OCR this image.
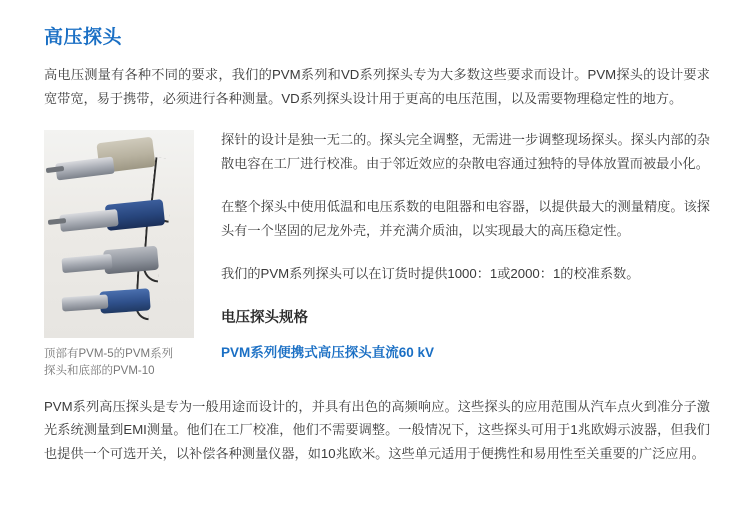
高压探头

高电压测量有各种不同的要求，我们的PVM系列和VD系列探头专为大多数这些要求而设计。PVM探头的设计要求宽带宽，易于携带，必须进行各种测量。VD系列探头设计用于更高的电压范围，以及需要物理稳定性的地方。

顶部有PVM-5的PVM系列探头和底部的PVM-10

探针的设计是独一无二的。探头完全调整，无需进一步调整现场探头。探头内部的杂散电容在工厂进行校准。由于邻近效应的杂散电容通过独特的导体放置而被最小化。

在整个探头中使用低温和电压系数的电阻器和电容器，以提供最大的测量精度。该探头有一个坚固的尼龙外壳，并充满介质油，以实现最大的高压稳定性。

我们的PVM系列探头可以在订货时提供1000：1或2000：1的校准系数。

电压探头规格
PVM系列便携式高压探头直流60 kV

PVM系列高压探头是专为一般用途而设计的，并具有出色的高频响应。这些探头的应用范围从汽车点火到准分子激光系统测量到EMI测量。他们在工厂校准，他们不需要调整。一般情况下，这些探头可用于1兆欧姆示波器，但我们也提供一个可选开关，以补偿各种测量仪器，如10兆欧米。这些单元适用于便携性和易用性至关重要的广泛应用。
